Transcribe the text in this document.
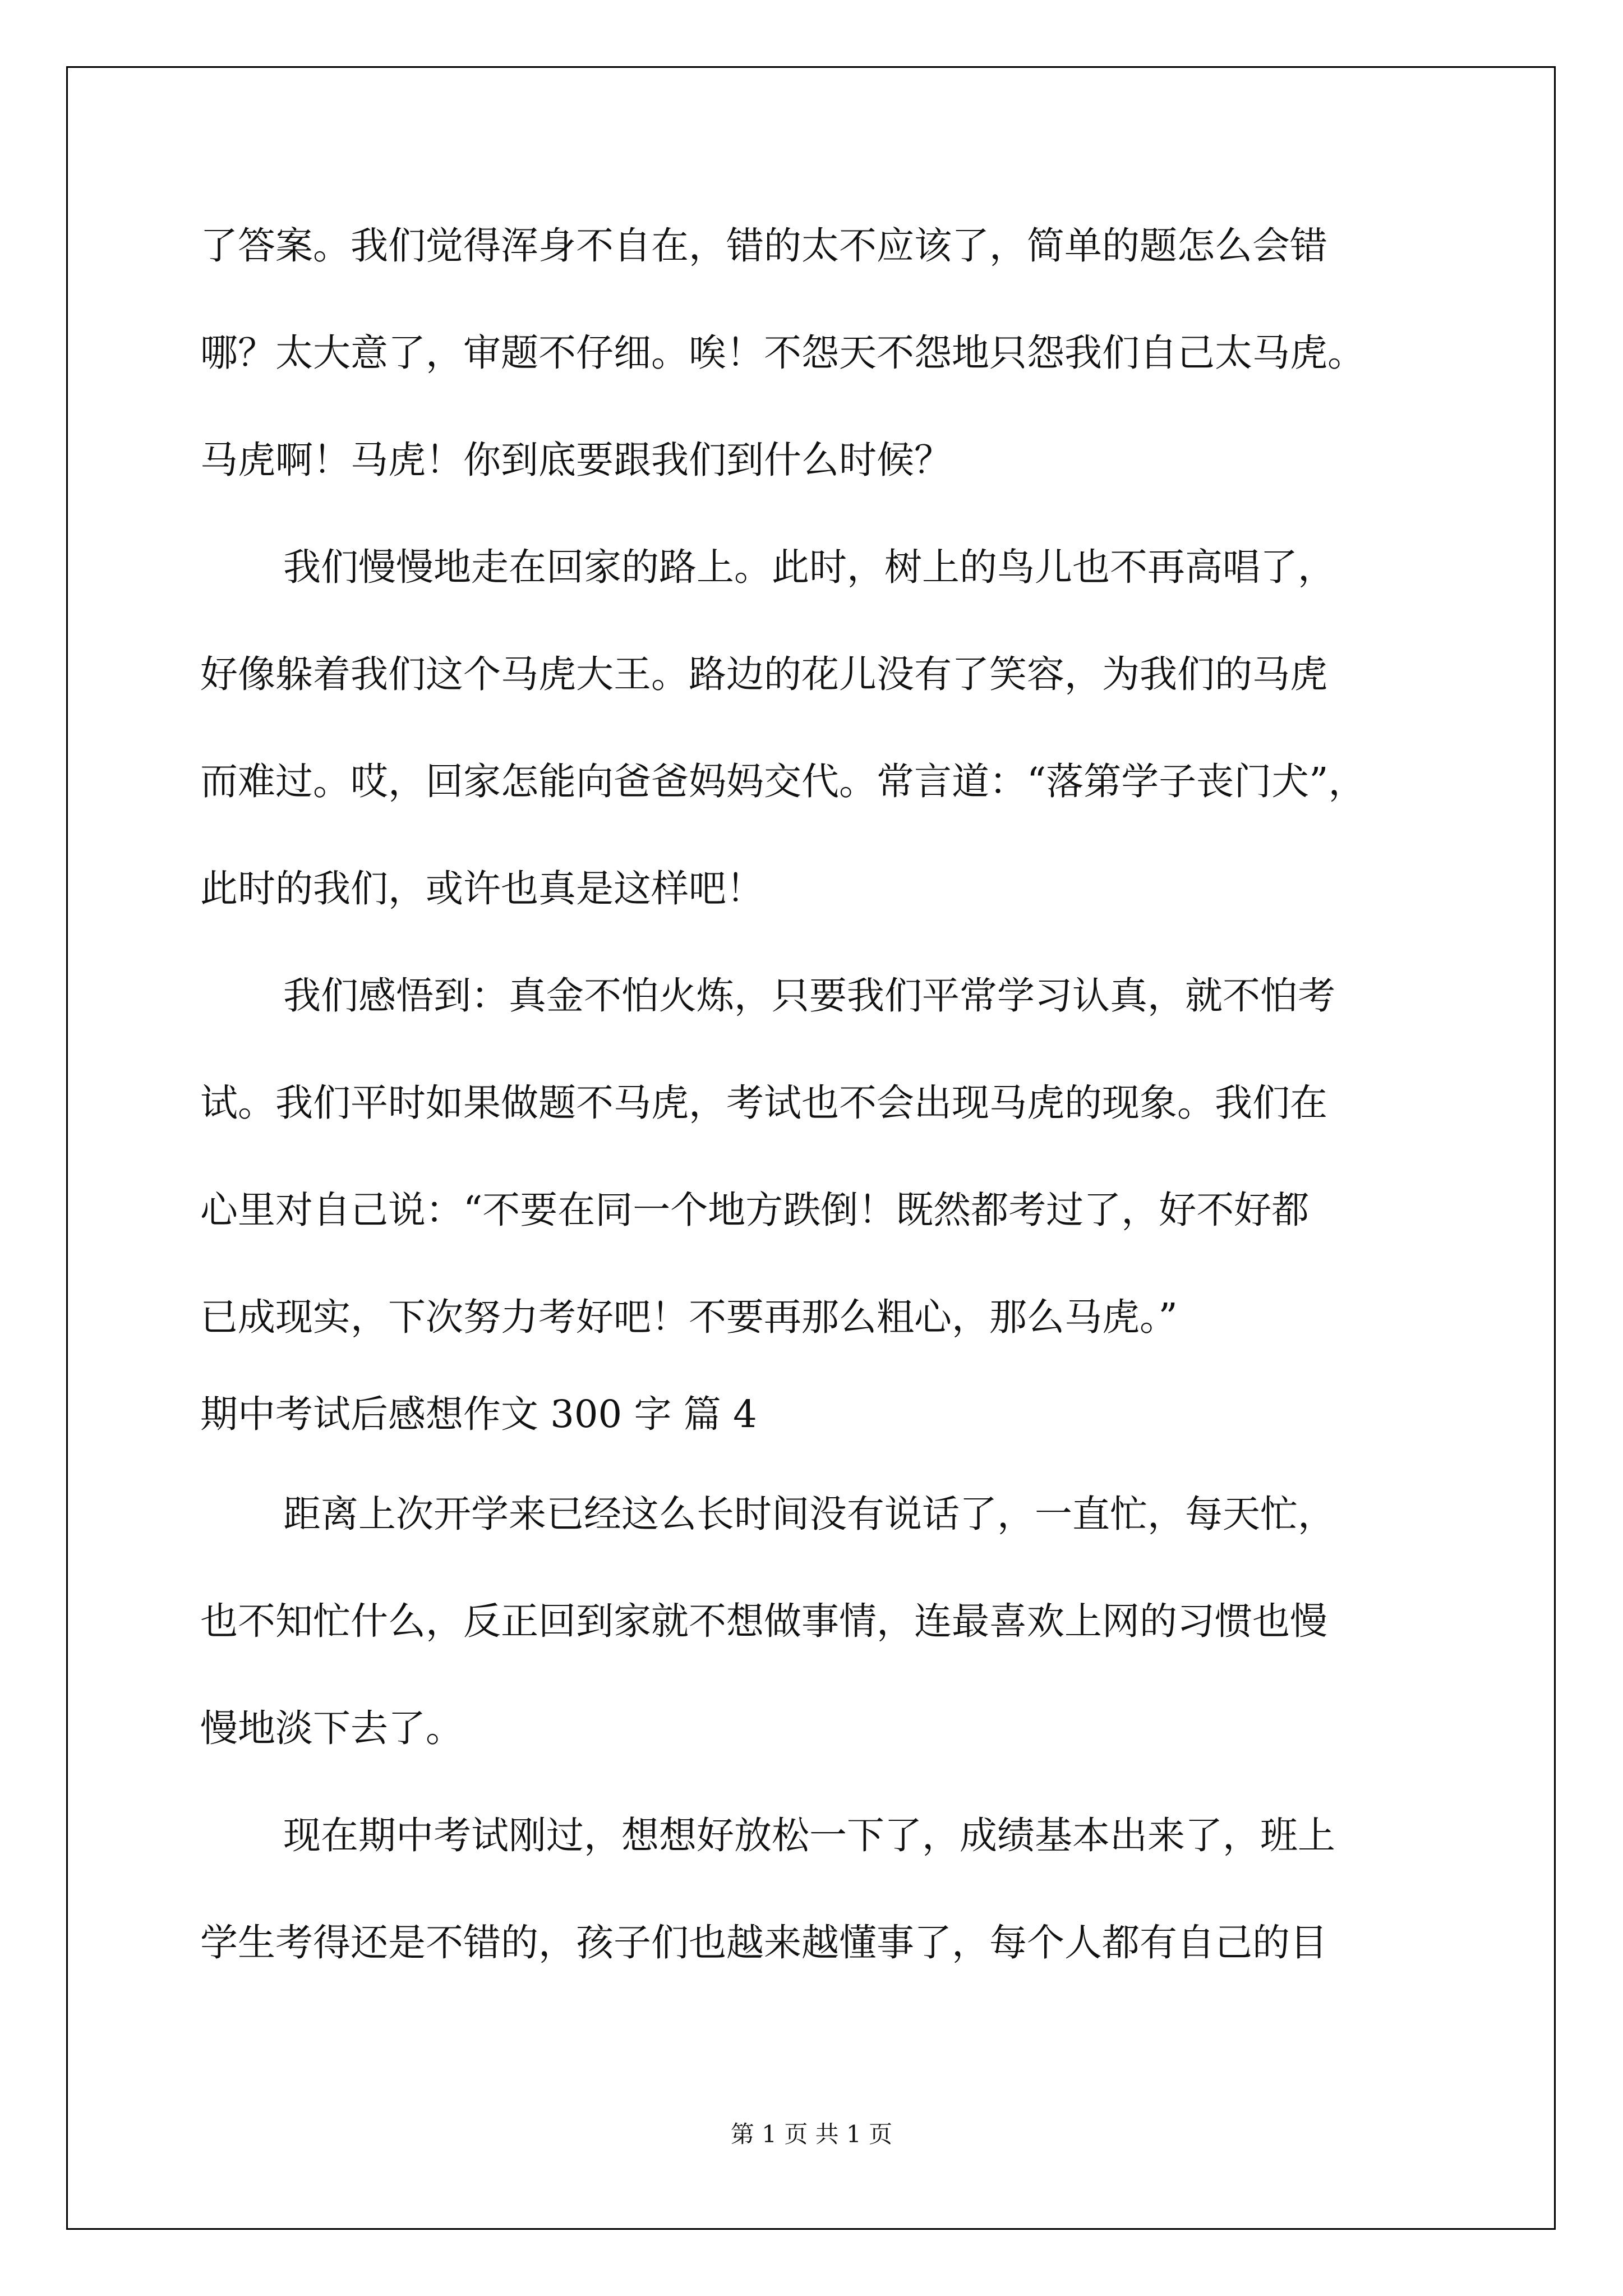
了答案。我们觉得浑身不自在，错的太不应该了，简单的题怎么会错
哪？太大意了，审题不仔细。唉！不怨天不怨地只怨我们自己太马虎。
马虎啊！马虎！你到底要跟我们到什么时候？
我们慢慢地走在回家的路上。此时，树上的鸟儿也不再高唱了，
好像躲着我们这个马虎大王。路边的花儿没有了笑容，为我们的马虎
而难过。哎，回家怎能向爸爸妈妈交代。常言道：“落第学子丧门犬”，
此时的我们，或许也真是这样吧！
我们感悟到：真金不怕火炼，只要我们平常学习认真，就不怕考
试。我们平时如果做题不马虎，考试也不会出现马虎的现象。我们在
心里对自己说：“不要在同一个地方跌倒！既然都考过了，好不好都
已成现实，下次努力考好吧！不要再那么粗心，那么马虎。”
期中考试后感想作文 300 字 篇 4
距离上次开学来已经这么长时间没有说话了，一直忙，每天忙，
也不知忙什么，反正回到家就不想做事情，连最喜欢上网的习惯也慢
慢地淡下去了。
现在期中考试刚过，想想好放松一下了，成绩基本出来了，班上
学生考得还是不错的，孩子们也越来越懂事了，每个人都有自己的目
第 1 页 共 1 页
